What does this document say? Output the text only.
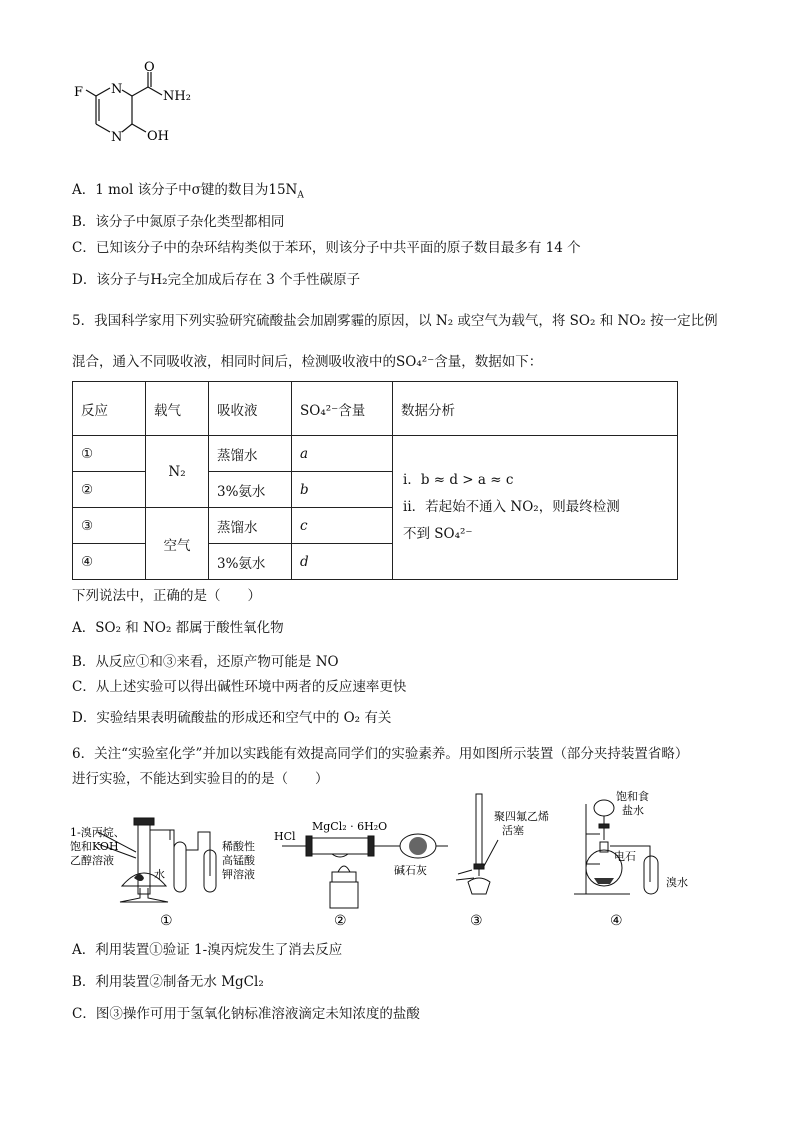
F N
N
O
NH₂
OH
A．1 mol 该分子中σ键的数目为$15N_A$
B．该分子中氮原子杂化类型都相同
C．已知该分子中的杂环结构类似于苯环，则该分子中共平面的原子数目最多有 14 个
D．该分子与H₂完全加成后存在 3 个手性碳原子
5．我国科学家用下列实验研究硫酸盐会加剧雾霾的原因，以 N₂ 或空气为载气，将 SO₂ 和 NO₂ 按一定比例
混合，通入不同吸收液，相同时间后，检测吸收液中的SO₄²⁻含量，数据如下：
反应	载气	吸收液	SO₄²⁻含量	数据分析
①	N₂	蒸馏水	a	ⅰ．b ≈ d > a ≈ c
ⅱ．若起始不通入 NO₂，则最终检测
不到 SO₄²⁻

②		3%氨水	b	
③	空气	蒸馏水	c	
④		3%氨水	d	
下列说法中，正确的是（　　）
A．SO₂ 和 NO₂ 都属于酸性氧化物
B．从反应①和③来看，还原产物可能是 NO
C．从上述实验可以得出碱性环境中两者的反应速率更快
D．实验结果表明硫酸盐的形成还和空气中的 O₂ 有关
6．关注“实验室化学”并加以实践能有效提高同学们的实验素养。用如图所示装置（部分夹持装置省略）
进行实验，不能达到实验目的的是（　　）
1-溴丙烷、
饱和KOH
乙醇溶液
水
稀酸性
高锰酸
钾溶液
①
HCl
MgCl₂ · 6H₂O
碱石灰
②
聚四氟乙烯
活塞
③
饱和食
盐水
电石
溴水
④
A．利用装置①验证 1-溴丙烷发生了消去反应
B．利用装置②制备无水 MgCl₂
C．图③操作可用于氢氧化钠标准溶液滴定未知浓度的盐酸
